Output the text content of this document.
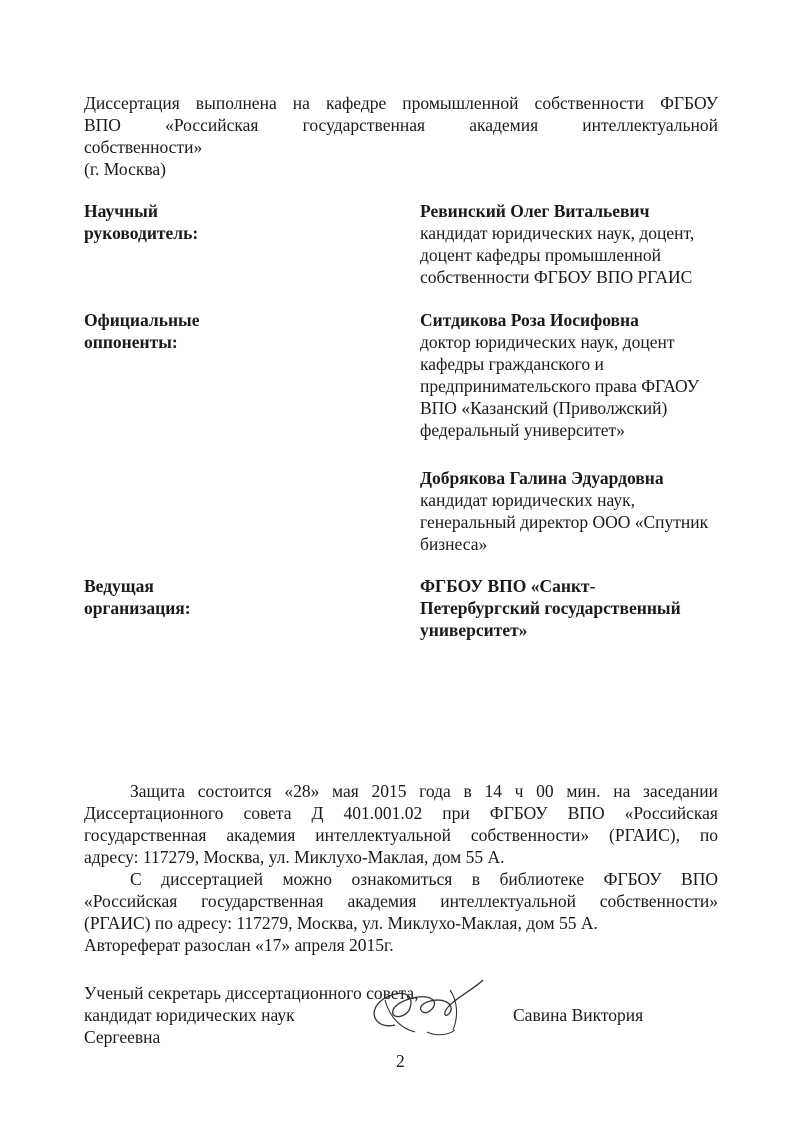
Диссертация выполнена на кафедре промышленной собственности ФГБОУ
ВПО «Российская государственная академия интеллектуальной
собственности»
(г. Москва)
Научный
руководитель:
Ревинский Олег Витальевич
кандидат юридических наук, доцент,
доцент кафедры промышленной
собственности ФГБОУ ВПО РГАИС
Официальные
оппоненты:
Ситдикова Роза Иосифовна
доктор юридических наук, доцент
кафедры гражданского и
предпринимательского права ФГАОУ
ВПО «Казанский (Приволжский)
федеральный университет»
Добрякова Галина Эдуардовна
кандидат юридических наук,
генеральный директор ООО «Спутник
бизнеса»
Ведущая
организация:
ФГБОУ ВПО «Санкт-
Петербургский государственный
университет»
Защита состоится «28» мая 2015 года в 14 ч 00 мин. на заседании
Диссертационного совета Д 401.001.02 при ФГБОУ ВПО «Российская
государственная академия интеллектуальной собственности» (РГАИС), по
адресу: 117279, Москва, ул. Миклухо-Маклая, дом 55 А.
С диссертацией можно ознакомиться в библиотеке ФГБОУ ВПО
«Российская государственная академия интеллектуальной собственности»
(РГАИС) по адресу: 117279, Москва, ул. Миклухо-Маклая, дом 55 А.
Автореферат разослан «17» апреля 2015г.
Ученый секретарь диссертационного совета,
кандидат юридических наук	Савина Виктория
Сергеевна
2
